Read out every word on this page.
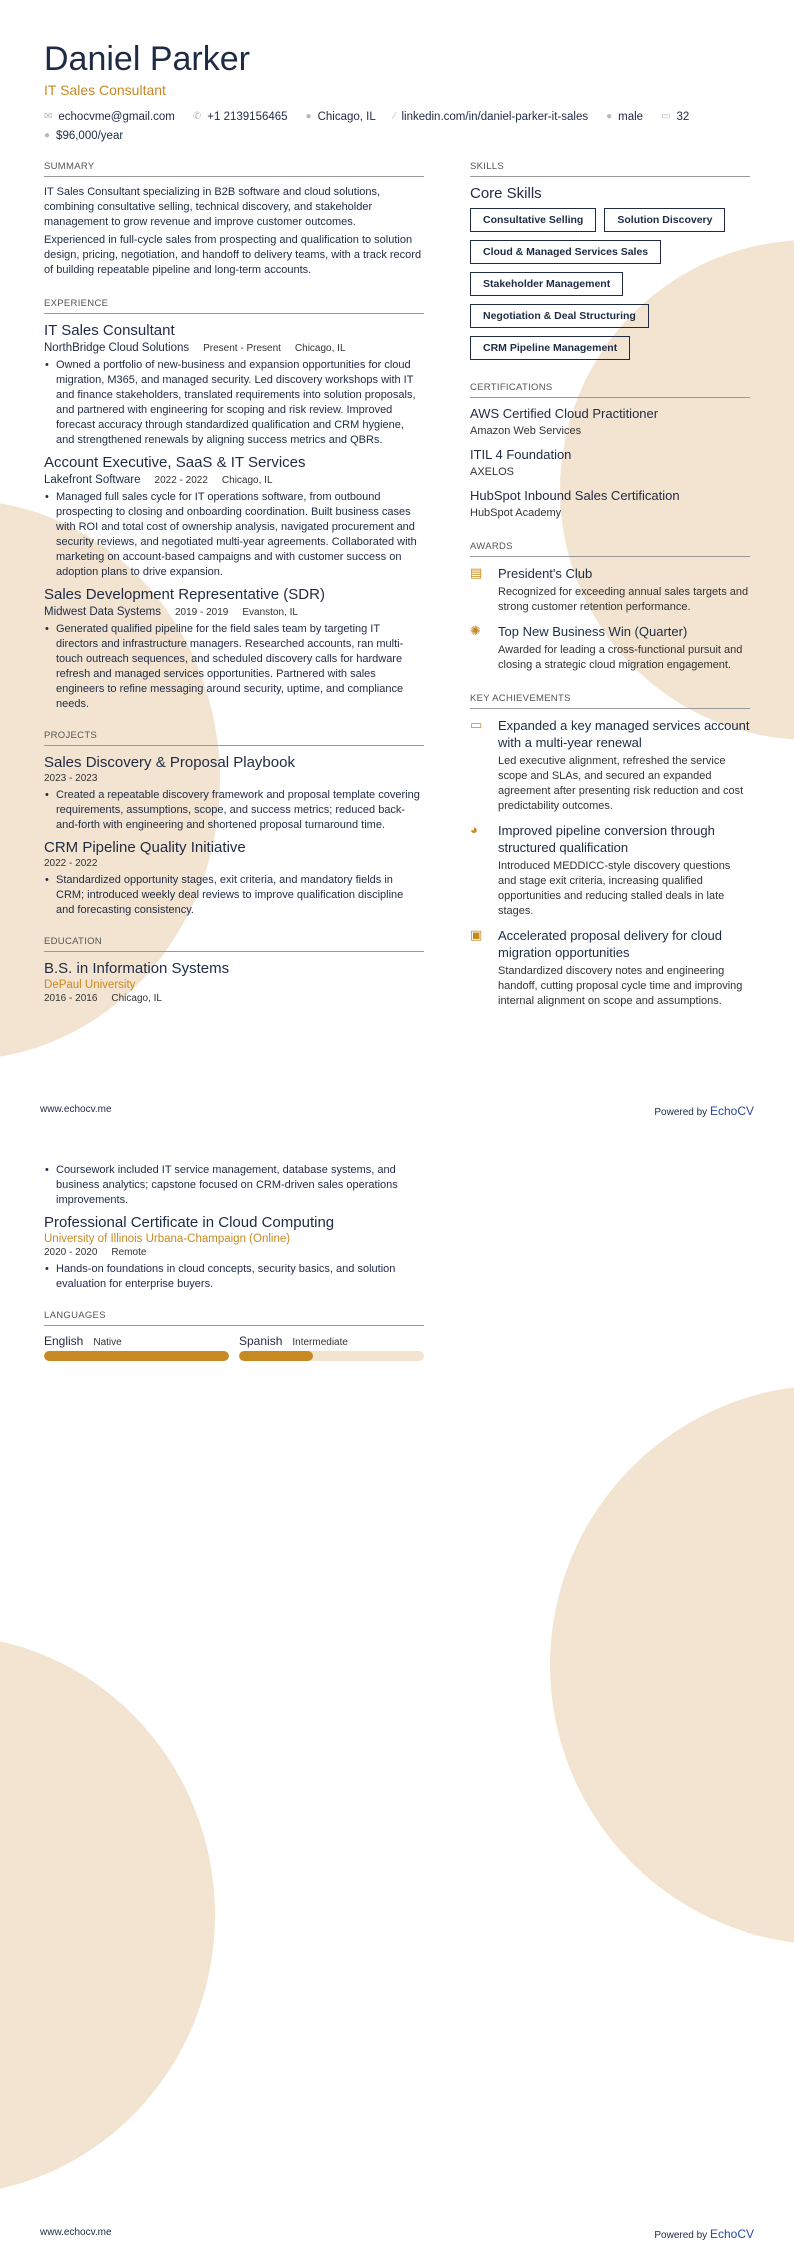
Daniel Parker
IT Sales Consultant
✉ echocvme@gmail.com ✆ +1 2139156465 ● Chicago, IL ⁄ linkedin.com/in/daniel-parker-it-sales ● male ▭ 32
● $96,000/year
SUMMARY

IT Sales Consultant specializing in B2B software and cloud solutions, combining consultative selling, technical discovery, and stakeholder management to grow revenue and improve customer outcomes.

Experienced in full-cycle sales from prospecting and qualification to solution design, pricing, negotiation, and handoff to delivery teams, with a track record of building repeatable pipeline and long-term accounts.

EXPERIENCE
IT Sales Consultant
NorthBridge Cloud Solutions Present - Present Chicago, IL
• Owned a portfolio of new-business and expansion opportunities for cloud migration, M365, and managed security. Led discovery workshops with IT and finance stakeholders, translated requirements into solution proposals, and partnered with engineering for scoping and risk review. Improved forecast accuracy through standardized qualification and CRM hygiene, and strengthened renewals by aligning success metrics and QBRs.
Account Executive, SaaS & IT Services
Lakefront Software 2022 - 2022 Chicago, IL
• Managed full sales cycle for IT operations software, from outbound prospecting to closing and onboarding coordination. Built business cases with ROI and total cost of ownership analysis, navigated procurement and security reviews, and negotiated multi-year agreements. Collaborated with marketing on account-based campaigns and with customer success on adoption plans to drive expansion.
Sales Development Representative (SDR)
Midwest Data Systems 2019 - 2019 Evanston, IL
• Generated qualified pipeline for the field sales team by targeting IT directors and infrastructure managers. Researched accounts, ran multi-touch outreach sequences, and scheduled discovery calls for hardware refresh and managed services opportunities. Partnered with sales engineers to refine messaging around security, uptime, and compliance needs.
PROJECTS
Sales Discovery & Proposal Playbook
2023 - 2023
• Created a repeatable discovery framework and proposal template covering requirements, assumptions, scope, and success metrics; reduced back-and-forth with engineering and shortened proposal turnaround time.
CRM Pipeline Quality Initiative
2022 - 2022
• Standardized opportunity stages, exit criteria, and mandatory fields in CRM; introduced weekly deal reviews to improve qualification discipline and forecasting consistency.
EDUCATION
B.S. in Information Systems
DePaul University
2016 - 2016 Chicago, IL
SKILLS
Core Skills
Consultative Selling	Solution Discovery
Cloud & Managed Services Sales
Stakeholder Management
Negotiation & Deal Structuring
CRM Pipeline Management
CERTIFICATIONS
AWS Certified Cloud Practitioner
Amazon Web Services
ITIL 4 Foundation
AXELOS
HubSpot Inbound Sales Certification
HubSpot Academy
AWARDS
▤	President's Club
Recognized for exceeding annual sales targets and strong customer retention performance.
✺	Top New Business Win (Quarter)
Awarded for leading a cross-functional pursuit and closing a strategic cloud migration engagement.
KEY ACHIEVEMENTS
▭	Expanded a key managed services account with a multi-year renewal
Led executive alignment, refreshed the service scope and SLAs, and secured an expanded agreement after presenting risk reduction and cost predictability outcomes.
◕	Improved pipeline conversion through structured qualification
Introduced MEDDICC-style discovery questions and stage exit criteria, increasing qualified opportunities and reducing stalled deals in late stages.
▣	Accelerated proposal delivery for cloud migration opportunities
Standardized discovery notes and engineering handoff, cutting proposal cycle time and improving internal alignment on scope and assumptions.
www.echocv.me	Powered by EchoCV
• Coursework included IT service management, database systems, and business analytics; capstone focused on CRM-driven sales operations improvements.
Professional Certificate in Cloud Computing
University of Illinois Urbana-Champaign (Online)
2020 - 2020 Remote
• Hands-on foundations in cloud concepts, security basics, and solution evaluation for enterprise buyers.
LANGUAGES
English Native	Spanish Intermediate
www.echocv.me	Powered by EchoCV
